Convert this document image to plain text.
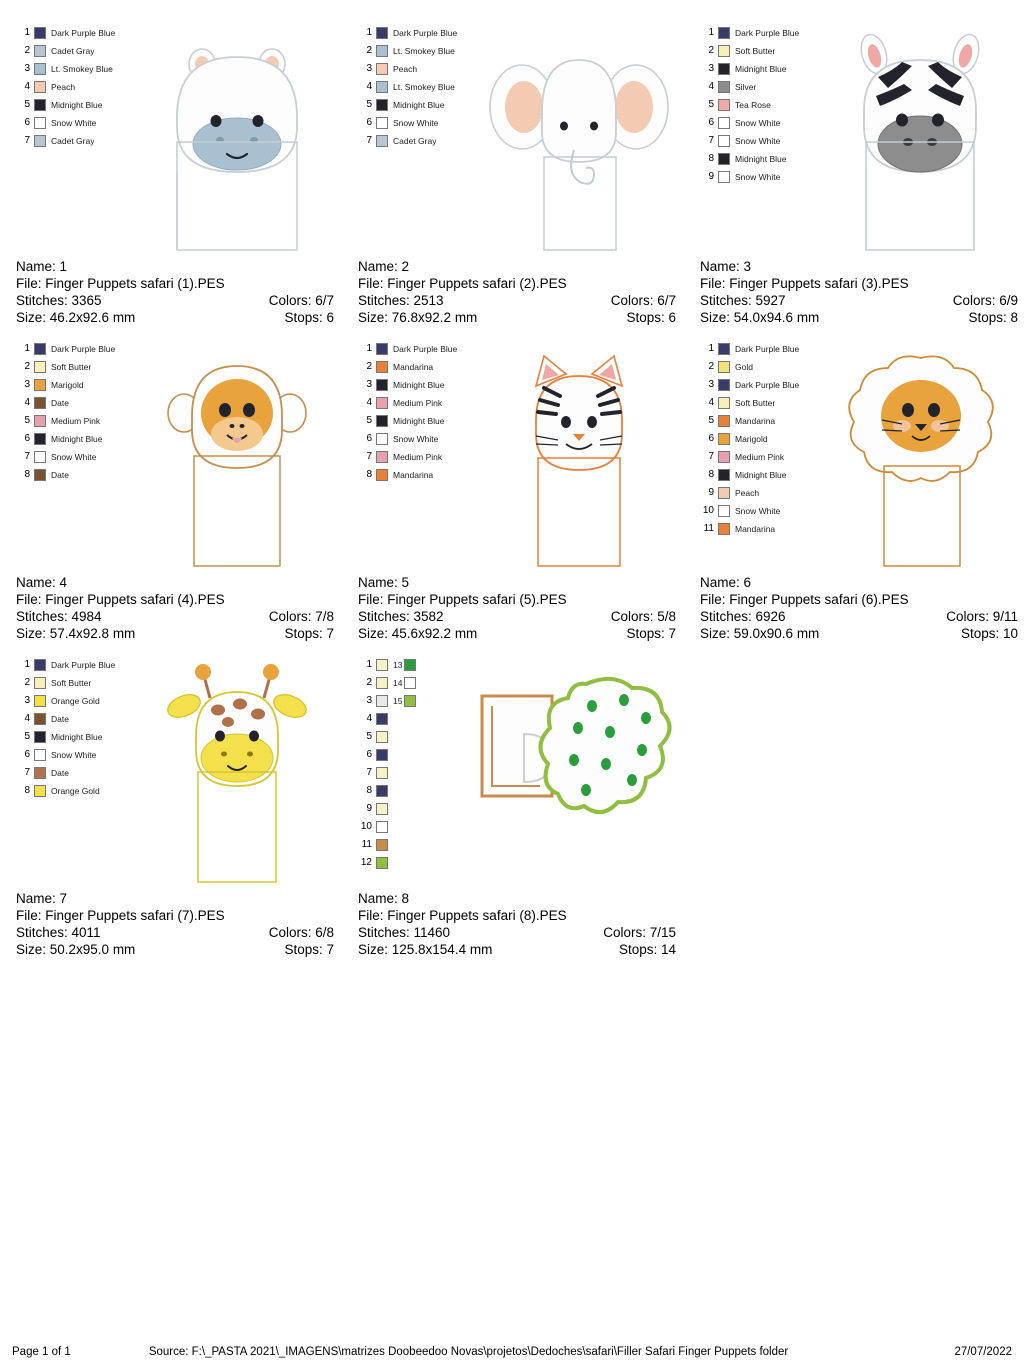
1	Dark Purple Blue
2	Cadet Gray
3	Lt. Smokey Blue
4	Peach
5	Midnight Blue
6	Snow White
7	Cadet Gray
Name: 1
File: Finger Puppets safari (1).PES
Stitches: 3365	Colors: 6/7
Size: 46.2x92.6 mm	Stops: 6
1	Dark Purple Blue
2	Lt. Smokey Blue
3	Peach
4	Lt. Smokey Blue
5	Midnight Blue
6	Snow White
7	Cadet Gray
Name: 2
File: Finger Puppets safari (2).PES
Stitches: 2513	Colors: 6/7
Size: 76.8x92.2 mm	Stops: 6
1	Dark Purple Blue
2	Soft Butter
3	Midnight Blue
4	Silver
5	Tea Rose
6	Snow White
7	Snow White
8	Midnight Blue
9	Snow White
Name: 3
File: Finger Puppets safari (3).PES
Stitches: 5927	Colors: 6/9
Size: 54.0x94.6 mm	Stops: 8
1	Dark Purple Blue
2	Soft Butter
3	Marigold
4	Date
5	Medium Pink
6	Midnight Blue
7	Snow White
8	Date
Name: 4
File: Finger Puppets safari (4).PES
Stitches: 4984	Colors: 7/8
Size: 57.4x92.8 mm	Stops: 7
1	Dark Purple Blue
2	Mandarina
3	Midnight Blue
4	Medium Pink
5	Midnight Blue
6	Snow White
7	Medium Pink
8	Mandarina
Name: 5
File: Finger Puppets safari (5).PES
Stitches: 3582	Colors: 5/8
Size: 45.6x92.2 mm	Stops: 7
1	Dark Purple Blue
2	Gold
3	Dark Purple Blue
4	Soft Butter
5	Mandarina
6	Marigold
7	Medium Pink
8	Midnight Blue
9	Peach
10	Snow White
11	Mandarina
Name: 6
File: Finger Puppets safari (6).PES
Stitches: 6926	Colors: 9/11
Size: 59.0x90.6 mm	Stops: 10
1	Dark Purple Blue
2	Soft Butter
3	Orange Gold
4	Date
5	Midnight Blue
6	Snow White
7	Date
8	Orange Gold
Name: 7
File: Finger Puppets safari (7).PES
Stitches: 4011	Colors: 6/8
Size: 50.2x95.0 mm	Stops: 7
1	13
2	14
3	15
4
5
6
7
8
9
10
11
12
Name: 8
File: Finger Puppets safari (8).PES
Stitches: 11460	Colors: 7/15
Size: 125.8x154.4 mm	Stops: 14
Page 1 of 1	Source: F:\_PASTA 2021\_IMAGENS\matrizes Doobeedoo Novas\projetos\Dedoches\safari\Filler Safari Finger Puppets folder	27/07/2022
